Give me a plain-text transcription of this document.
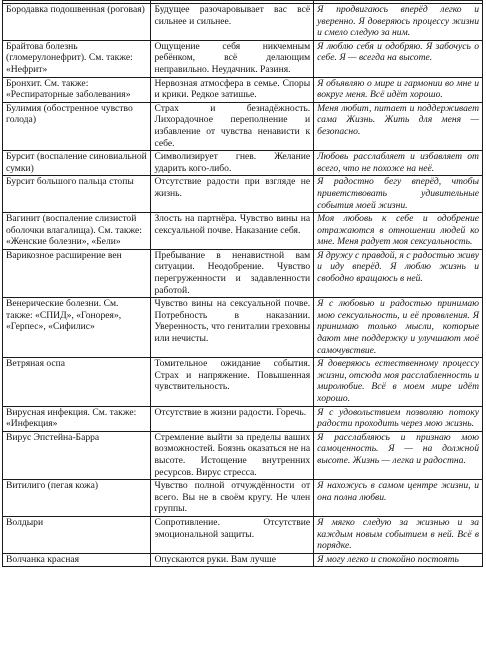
Бородавка подошвенная (роговая)	Будущее разочаровывает вас всё сильнее и сильнее.	Я продвигаюсь вперёд легко и уверенно. Я доверяюсь процессу жизни и смело следую за ним.
Брайтова болезнь (гломерулонефрит). См. также: «Нефрит»	Ощущение себя никчемным ребёнком, всё делающим неправильно. Неудачник. Разиня.	Я люблю себя и одобряю. Я забочусь о себе. Я — всегда на высоте.
Бронхит. См. также: «Респираторные заболевания»	Нервозная атмосфера в семье. Споры и крики. Редкое затишье.	Я объявляю о мире и гармонии во мне и вокруг меня. Всё идёт хорошо.
Булимия (обостренное чувство голода)	Страх и безнадёжность. Лихорадочное переполнение и избавление от чувства ненависти к себе.	Меня любит, питает и поддерживает сама Жизнь. Жить для меня — безопасно.
Бурсит (воспаление синовиальной сумки)	Символизирует гнев. Желание ударить кого-либо.	Любовь расслабляет и избавляет от всего, что не похоже на неё.
Бурсит большого пальца стопы	Отсутствие радости при взгляде не жизнь.	Я радостно бегу вперёд, чтобы приветствовать удивительные события моей жизни.
Вагинит (воспаление слизистой оболочки влагалища). См. также: «Женские болезни», «Бели»	Злость на партнёра. Чувство вины на сексуальной почве. Наказание себя.	Моя любовь к себе и одобрение отражаются в отношении людей ко мне. Меня радует моя сексуальность.
Варикозное расширение вен	Пребывание в ненавистной вам ситуации. Неодобрение. Чувство перегруженности и задавленности работой.	Я дружу с правдой, я с радостью живу и иду вперёд. Я люблю жизнь и свободно вращаюсь в ней.
Венерические болезни. См. также: «СПИД», «Гонорея», «Герпес», «Сифилис»	Чувство вины на сексуальной почве. Потребность в наказании. Уверенность, что гениталии греховны или нечисты.	Я с любовью и радостью принимаю мою сексуальность, и её проявления. Я принимаю только мысли, которые дают мне поддержку и улучшают моё самочувствие.
Ветряная оспа	Томительное ожидание события. Страх и напряжение. Повышенная чувствительность.	Я доверяюсь естественному процессу жизни, отсюда моя расслабленность и миролюбие. Всё в моем мире идёт хорошо.
Вирусная инфекция. См. также: «Инфекция»	Отсутствие в жизни радости. Горечь.	Я с удовольствием позволяю потоку радости проходить через мою жизнь.
Вирус Эпстейна-Барра	Стремление выйти за пределы ваших возможностей. Боязнь оказаться не на высоте. Истощение внутренних ресурсов. Вирус стресса.	Я расслабляюсь и признаю мою самоценность. Я — на должной высоте. Жизнь — легка и радостна.
Витилиго (пегая кожа)	Чувство полной отчуждённости от всего. Вы не в своём кругу. Не член группы.	Я нахожусь в самом центре жизни, и она полна любви.
Волдыри	Сопротивление. Отсутствие эмоциональной защиты.	Я мягко следую за жизнью и за каждым новым событием в ней. Всё в порядке.
Волчанка красная	Опускаются руки. Вам лучше	Я могу легко и спокойно постоять
